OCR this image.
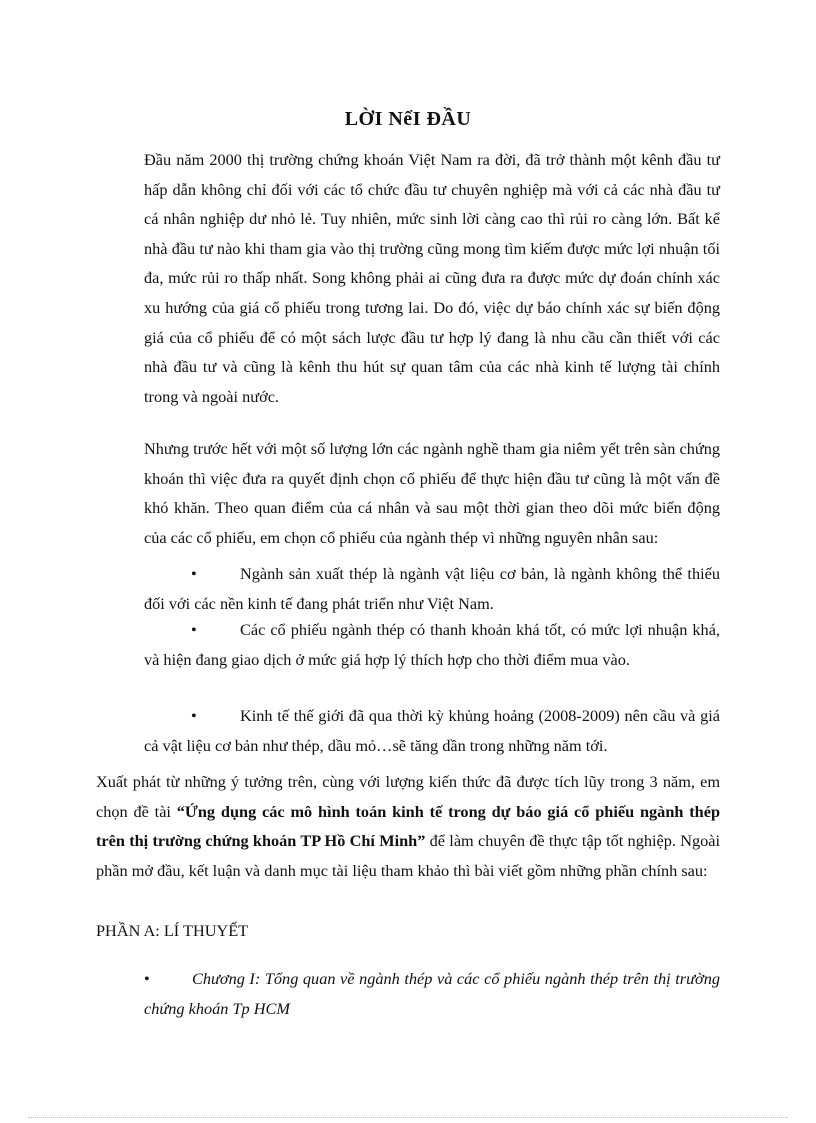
LỜI NểI ĐẦU

Đầu năm 2000 thị trường chứng khoán Việt Nam ra đời, đã trở thành một kênh đầu tư hấp dẫn không chỉ đối với các tổ chức đầu tư chuyên nghiệp mà với cả các nhà đầu tư cá nhân nghiệp dư nhỏ lẻ. Tuy nhiên, mức sinh lời càng cao thì rủi ro càng lớn. Bất kể nhà đầu tư nào khi tham gia vào thị trường cũng mong tìm kiếm được mức lợi nhuận tối đa, mức rủi ro thấp nhất. Song không phải ai cũng đưa ra được mức dự đoán chính xác xu hướng của giá cổ phiếu trong tương lai. Do đó, việc dự báo chính xác sự biến động giá của cổ phiếu để có một sách lược đầu tư hợp lý đang là nhu cầu cần thiết với các nhà đầu tư và cũng là kênh thu hút sự quan tâm của các nhà kinh tế lượng tài chính trong và ngoài nước.

Nhưng trước hết với một số lượng lớn các ngành nghề tham gia niêm yết trên sàn chứng khoán thì việc đưa ra quyết định chọn cổ phiếu để thực hiện đầu tư cũng là một vấn đề khó khăn. Theo quan điểm của cá nhân và sau một thời gian theo dõi mức biến động của các cổ phiếu, em chọn cổ phiếu của ngành thép vì những nguyên nhân sau:

•	Ngành sản xuất thép là ngành vật liệu cơ bản, là ngành không thể thiếu đối với các nền kinh tế đang phát triển như Việt Nam.
•	Các cổ phiếu ngành thép có thanh khoản khá tốt, có mức lợi nhuận khá, và hiện đang giao dịch ở mức giá hợp lý thích hợp cho thời điểm mua vào.
•	Kinh tế thế giới đã qua thời kỳ khủng hoảng (2008-2009) nên cầu và giá cả vật liệu cơ bản như thép, dầu mỏ…sẽ tăng dần trong những năm tới.

Xuất phát từ những ý tưởng trên, cùng với lượng kiến thức đã được tích lũy trong 3 năm, em chọn đề tài “Ứng dụng các mô hình toán kinh tế trong dự báo giá cổ phiếu ngành thép trên thị trường chứng khoán TP Hồ Chí Minh” để làm chuyên đề thực tập tốt nghiệp. Ngoài phần mở đầu, kết luận và danh mục tài liệu tham khảo thì bài viết gồm những phần chính sau:

PHẦN A: LÍ THUYẾT
•	Chương I: Tổng quan về ngành thép và các cổ phiếu ngành thép trên thị trường chứng khoán Tp HCM
